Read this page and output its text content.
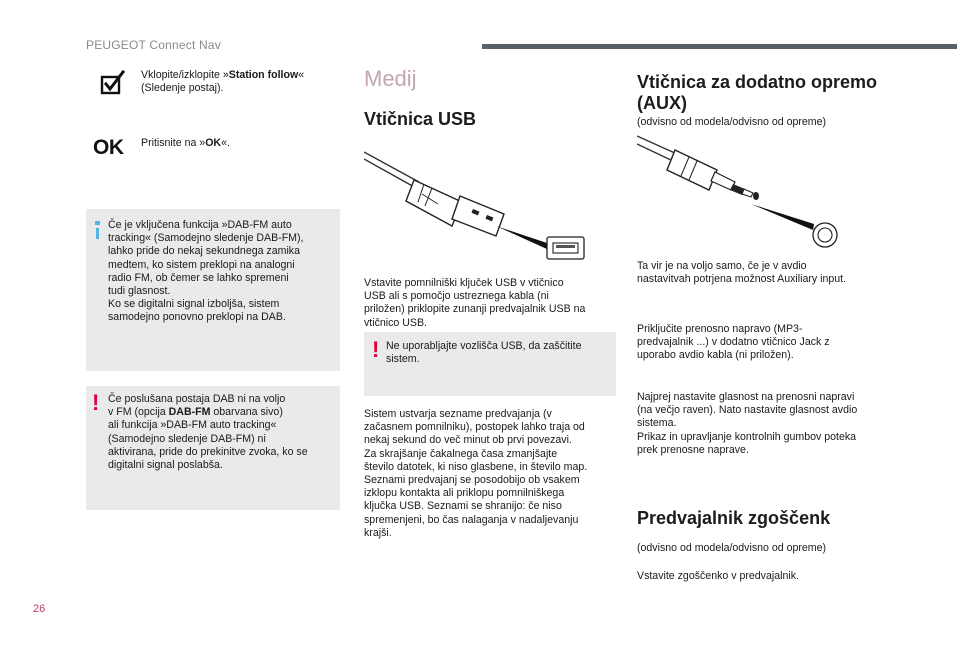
PEUGEOT Connect Nav
Vklopite/izklopite »Station follow«
(Sledenje postaj).
OK Pritisnite na »OK«.
Če je vključena funkcija »DAB-FM auto
tracking« (Samodejno sledenje DAB-FM),
lahko pride do nekaj sekundnega zamika
medtem, ko sistem preklopi na analogni
radio FM, ob čemer se lahko spremeni
tudi glasnost.
Ko se digitalni signal izboljša, sistem
samodejno ponovno preklopi na DAB.
! Če poslušana postaja DAB ni na voljo
v FM (opcija DAB-FM obarvana sivo)
ali funkcija »DAB-FM auto tracking«
(Samodejno sledenje DAB-FM) ni
aktivirana, pride do prekinitve zvoka, ko se
digitalni signal poslabša.
Medij
Vtičnica USB
Vstavite pomnilniški ključek USB v vtičnico
USB ali s pomočjo ustreznega kabla (ni
priložen) priklopite zunanji predvajalnik USB na
vtičnico USB.
! Ne uporabljajte vozlišča USB, da zaščitite
sistem.
Sistem ustvarja sezname predvajanja (v
začasnem pomnilniku), postopek lahko traja od
nekaj sekund do več minut ob prvi povezavi.
Za skrajšanje čakalnega časa zmanjšajte
število datotek, ki niso glasbene, in število map.
Seznami predvajanj se posodobijo ob vsakem
izklopu kontakta ali priklopu pomnilniškega
ključka USB. Seznami se shranijo: če niso
spremenjeni, bo čas nalaganja v nadaljevanju
krajši.
Vtičnica za dodatno opremo
(AUX)
(odvisno od modela/odvisno od opreme)
Ta vir je na voljo samo, če je v avdio
nastavitvah potrjena možnost Auxiliary input.
Priključite prenosno napravo (MP3-
predvajalnik ...) v dodatno vtičnico Jack z
uporabo avdio kabla (ni priložen).
Najprej nastavite glasnost na prenosni napravi
(na večjo raven). Nato nastavite glasnost avdio
sistema.
Prikaz in upravljanje kontrolnih gumbov poteka
prek prenosne naprave.
Predvajalnik zgoščenk
(odvisno od modela/odvisno od opreme)
Vstavite zgoščenko v predvajalnik.
26
